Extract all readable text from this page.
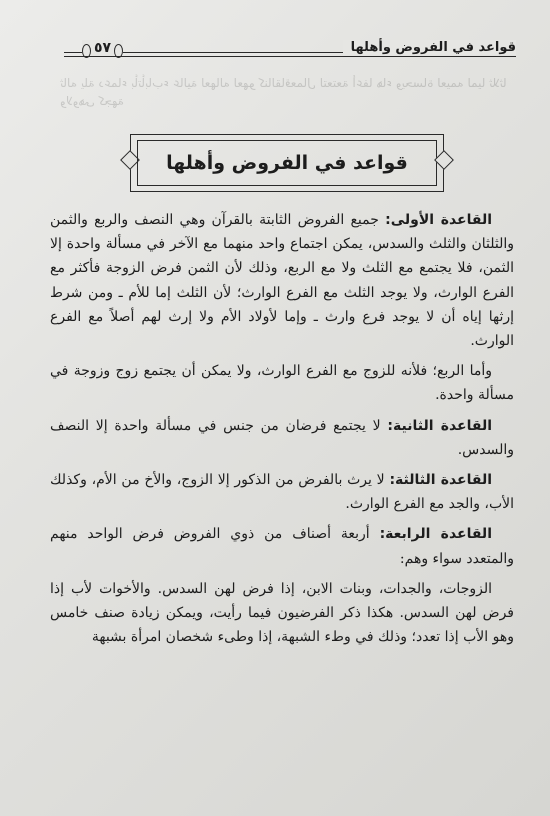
قواعد في الفروض وأهلها
٥٧
ثاله يلة دعماء بأتأبابء عالية لعهاله لعهو كنالقاقعمال لتعتعة أعفا هاء ويحساة لعيمه لميا ثلاثا ولاوهى كجهة
قواعد في الفروض وأهلها

القاعدة الأولى: جميع الفروض الثابتة بالقرآن وهي النصف والربع والثمن والثلثان والثلث والسدس، يمكن اجتماع واحد منهما مع الآخر في مسألة واحدة إلا الثمن، فلا يجتمع مع الثلث ولا مع الربع، وذلك لأن الثمن فرض الزوجة فأكثر مع الفرع الوارث، ولا يوجد الثلث مع الفرع الوارث؛ لأن الثلث إما للأم ـ ومن شرط إرثها إياه أن لا يوجد فرع وارث ـ وإما لأولاد الأم ولا إرث لهم أصلاً مع الفرع الوارث.

وأما الربع؛ فلأنه للزوج مع الفرع الوارث، ولا يمكن أن يجتمع زوج وزوجة في مسألة واحدة.

القاعدة الثانية: لا يجتمع فرضان من جنس في مسألة واحدة إلا النصف والسدس.

القاعدة الثالثة: لا يرث بالفرض من الذكور إلا الزوج، والأخ من الأم، وكذلك الأب، والجد مع الفرع الوارث.

القاعدة الرابعة: أربعة أصناف من ذوي الفروض فرض الواحد منهم والمتعدد سواء وهم:

الزوجات، والجدات، وبنات الابن، إذا فرض لهن السدس. والأخوات لأب إذا فرض لهن السدس. هكذا ذكر الفرضيون فيما رأيت، ويمكن زيادة صنف خامس وهو الأب إذا تعدد؛ وذلك في وطء الشبهة، إذا وطىء شخصان امرأة بشبهة
